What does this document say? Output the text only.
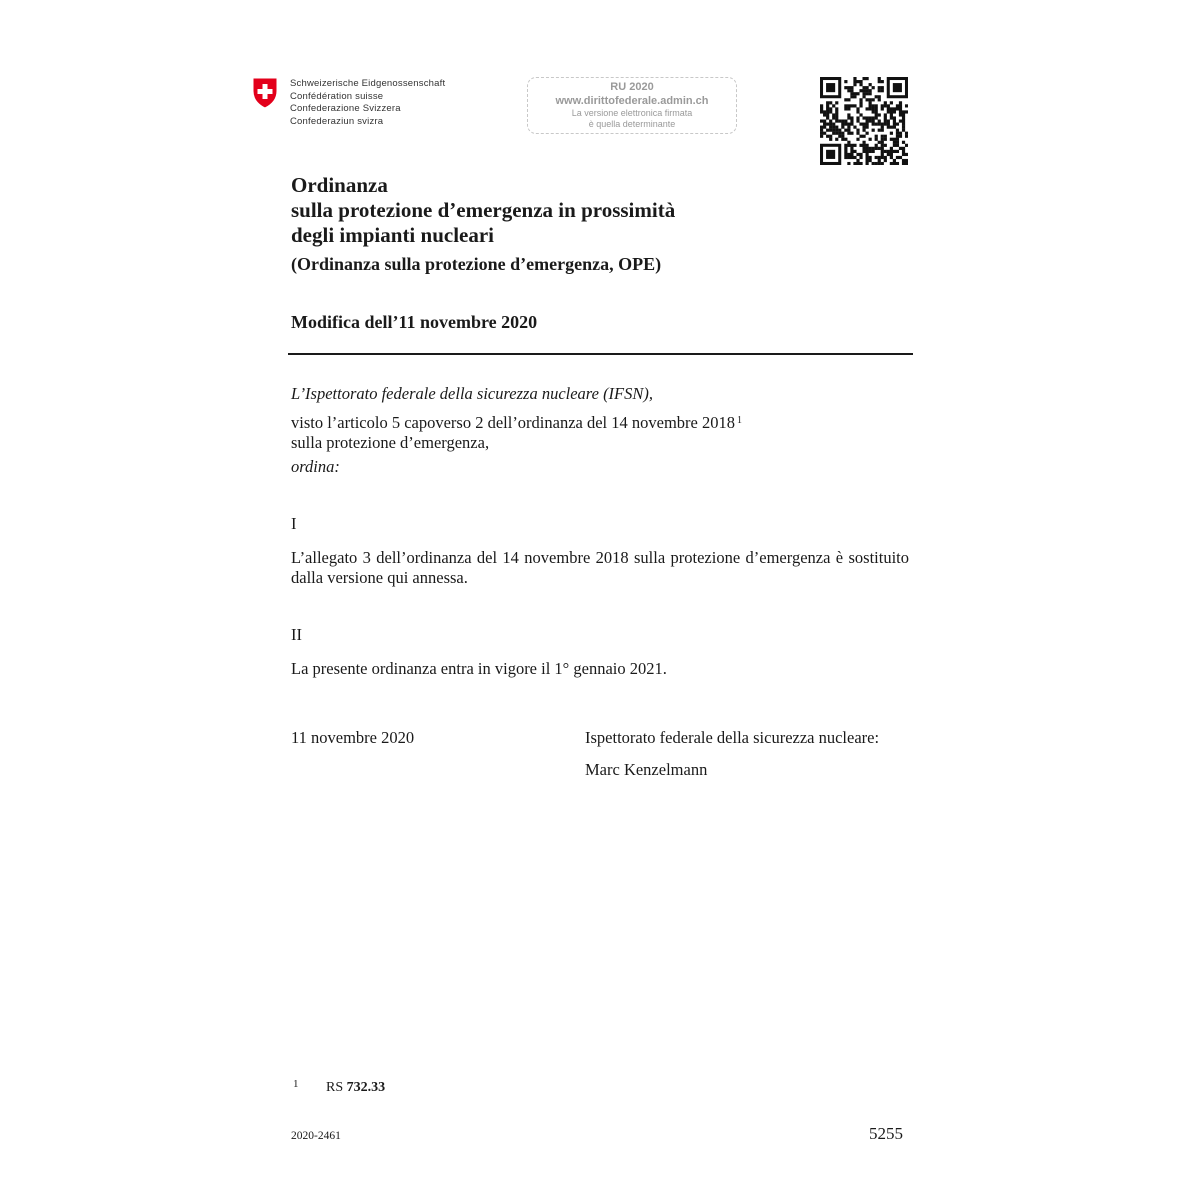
Schweizerische Eidgenossenschaft
Confédération suisse
Confederazione Svizzera
Confederaziun svizra
RU 2020
www.dirittofederale.admin.ch
La versione elettronica firmata
è quella determinante
Ordinanza
sulla protezione d’emergenza in prossimità
degli impianti nucleari
(Ordinanza sulla protezione d’emergenza, OPE)
Modifica dell’11 novembre 2020
L’Ispettorato federale della sicurezza nucleare (IFSN),
visto l’articolo 5 capoverso 2 dell’ordinanza del 14 novembre 2018 $^1$
sulla protezione d’emergenza,
ordina:
I
L’allegato 3 dell’ordinanza del 14 novembre 2018 sulla protezione d’emergenza è sostituito dalla versione qui annessa.
II
La presente ordinanza entra in vigore il 1° gennaio 2021.
11 novembre 2020	Ispettorato federale della sicurezza nucleare:
Marc Kenzelmann
1 RS 732.33
2020-2461	5255
